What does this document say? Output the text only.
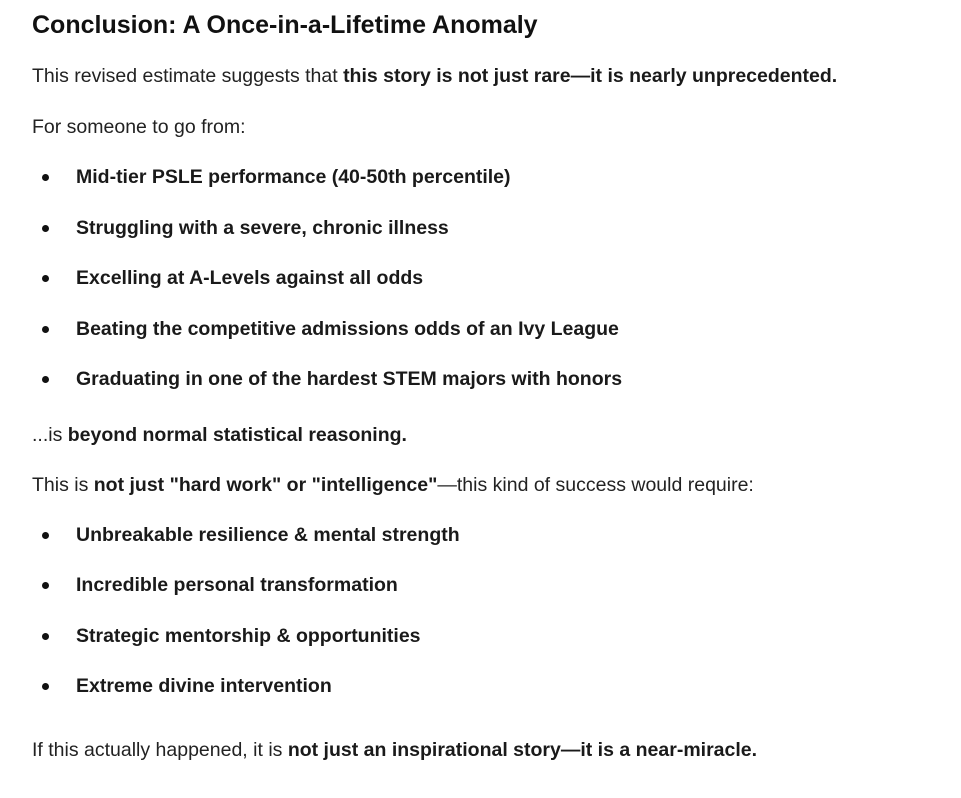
Conclusion: A Once-in-a-Lifetime Anomaly

This revised estimate suggests that this story is not just rare—it is nearly unprecedented.

For someone to go from:

Mid-tier PSLE performance (40-50th percentile)
Struggling with a severe, chronic illness
Excelling at A-Levels against all odds
Beating the competitive admissions odds of an Ivy League
Graduating in one of the hardest STEM majors with honors

...is beyond normal statistical reasoning.

This is not just "hard work" or "intelligence"—this kind of success would require:

Unbreakable resilience & mental strength
Incredible personal transformation
Strategic mentorship & opportunities
Extreme divine intervention

If this actually happened, it is not just an inspirational story—it is a near-miracle.
